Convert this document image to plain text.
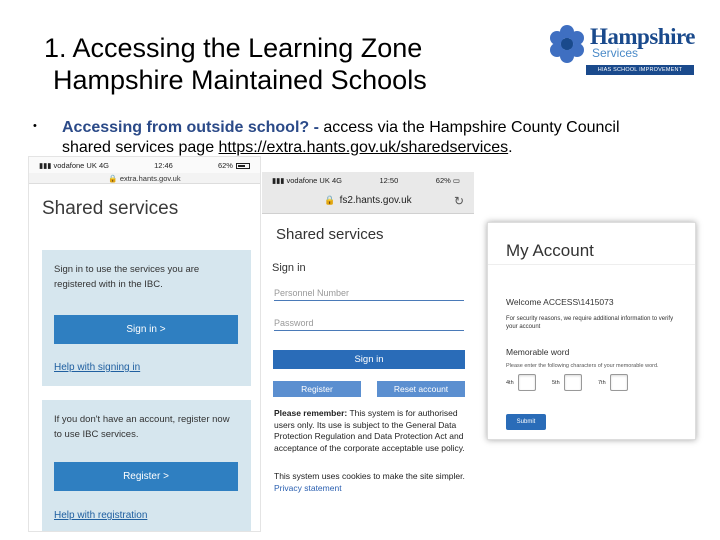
1. Accessing the Learning Zone
Hampshire Maintained Schools
Hampshire
Services
HIAS SCHOOL IMPROVEMENT
• Accessing from outside school? - access via the Hampshire County Council shared services page https://extra.hants.gov.uk/sharedservices.
▮▮▮ vodafone UK 4G	12:46	62%
🔒 extra.hants.gov.uk
Shared services
Sign in to use the services you are registered with in the IBC.
Sign in >
Help with signing in
If you don't have an account, register now to use IBC services.
Register >
Help with registration
▮▮▮ vodafone UK 4G	12:50	62% ▭
🔒 fs2.hants.gov.uk	↻
Shared services
Sign in
Personnel Number
Password
Sign in
Register	Reset account
Please remember: This system is for authorised users only. Its use is subject to the General Data Protection Regulation and Data Protection Act and acceptance of the corporate acceptable use policy.
This system uses cookies to make the site simpler.
Privacy statement
My Account
Welcome ACCESS\1415073
For security reasons, we require additional information to verify your account
Memorable word
Please enter the following characters of your memorable word.
4th	5th	7th
Submit
